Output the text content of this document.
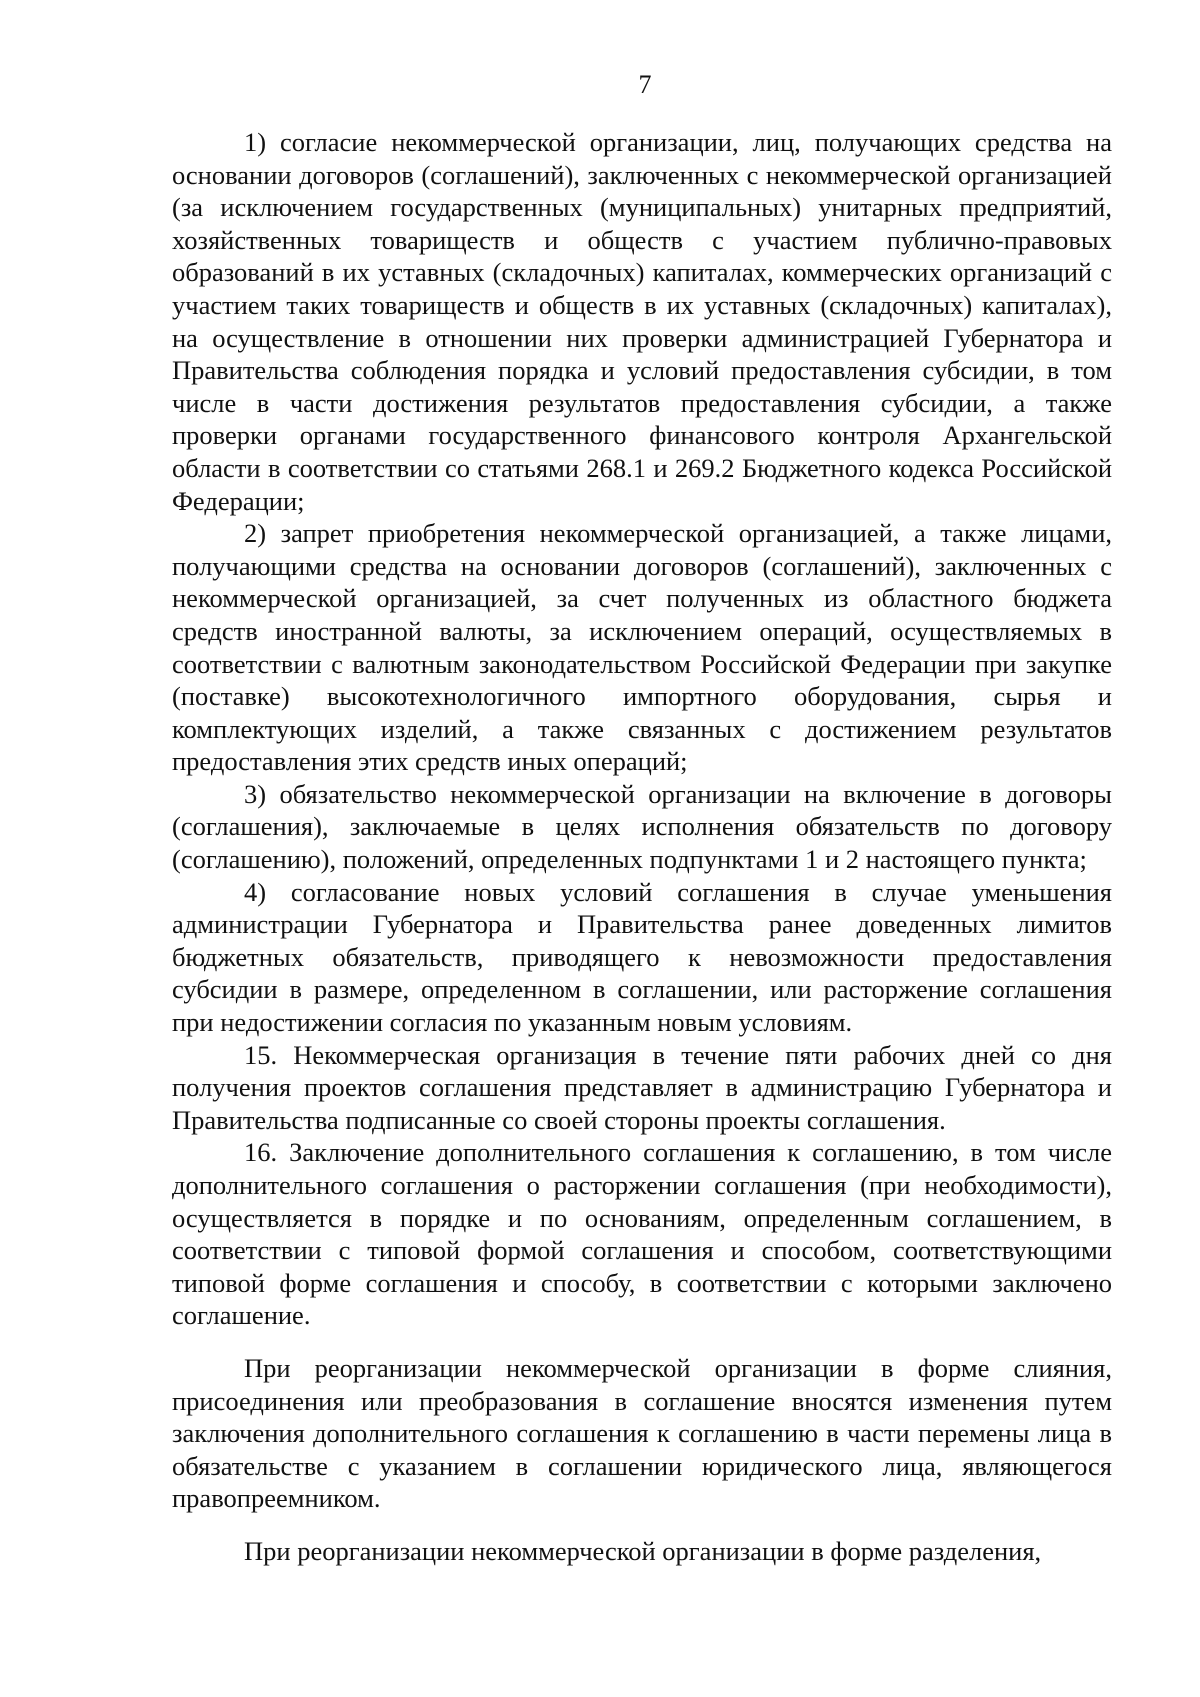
7

1) согласие некоммерческой организации, лиц, получающих средства на основании договоров (соглашений), заключенных с некоммерческой организацией (за исключением государственных (муниципальных) унитарных предприятий, хозяйственных товариществ и обществ с участием публично-правовых образований в их уставных (складочных) капиталах, коммерческих организаций с участием таких товариществ и обществ в их уставных (складочных) капиталах), на осуществление в отношении них проверки администрацией Губернатора и Правительства соблюдения порядка и условий предоставления субсидии, в том числе в части достижения результатов предоставления субсидии, а также проверки органами государственного финансового контроля Архангельской области в соответствии со статьями 268.1 и 269.2 Бюджетного кодекса Российской Федерации;

2) запрет приобретения некоммерческой организацией, а также лицами, получающими средства на основании договоров (соглашений), заключенных с некоммерческой организацией, за счет полученных из областного бюджета средств иностранной валюты, за исключением операций, осуществляемых в соответствии с валютным законодательством Российской Федерации при закупке (поставке) высокотехнологичного импортного оборудования, сырья и комплектующих изделий, а также связанных с достижением результатов предоставления этих средств иных операций;

3) обязательство некоммерческой организации на включение в договоры (соглашения), заключаемые в целях исполнения обязательств по договору (соглашению), положений, определенных подпунктами 1 и 2 настоящего пункта;

4) согласование новых условий соглашения в случае уменьшения администрации Губернатора и Правительства ранее доведенных лимитов бюджетных обязательств, приводящего к невозможности предоставления субсидии в размере, определенном в соглашении, или расторжение соглашения при недостижении согласия по указанным новым условиям.

15. Некоммерческая организация в течение пяти рабочих дней со дня получения проектов соглашения представляет в администрацию Губернатора и Правительства подписанные со своей стороны проекты соглашения.

16. Заключение дополнительного соглашения к соглашению, в том числе дополнительного соглашения о расторжении соглашения (при необходимости), осуществляется в порядке и по основаниям, определенным соглашением, в соответствии с типовой формой соглашения и способом, соответствующими типовой форме соглашения и способу, в соответствии с которыми заключено соглашение.

При реорганизации некоммерческой организации в форме слияния, присоединения или преобразования в соглашение вносятся изменения путем заключения дополнительного соглашения к соглашению в части перемены лица в обязательстве с указанием в соглашении юридического лица, являющегося правопреемником.

При реорганизации некоммерческой организации в форме разделения,
